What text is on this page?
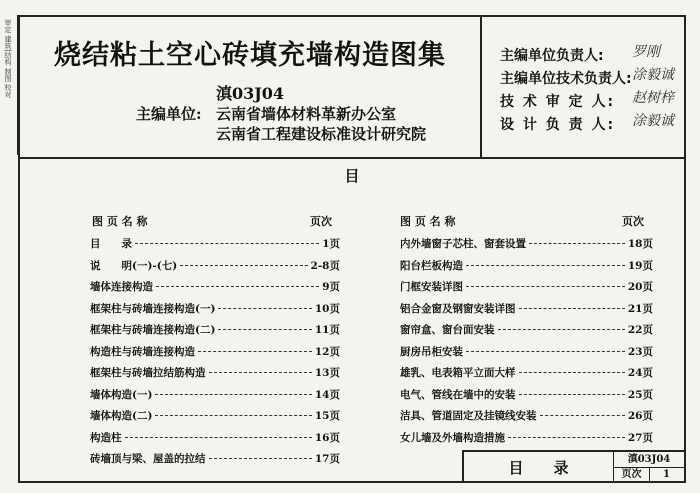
审定 建筑|结构 制图 校对	烧结粘土空心砖填充墙构造图集
滇03J04
主编单位: 云南省墙体材料革新办公室
云南省工程建设标准设计研究院
主编单位负责人: 罗刚
主编单位技术负责人: 涂毅诚
技 术 审 定 人: 赵树梓
设 计 负 责 人: 涂毅诚
目
图 页 名 称	页次	图 页 名 称	页次
目　　录	1页
说　　明(一)-(七)	2-8页
墙体连接构造	9页
框架柱与砖墙连接构造(一)	10页
框架柱与砖墙连接构造(二)	11页
构造柱与砖墙连接构造	12页
框架柱与砖墙拉结筋构造	13页
墙体构造(一)	14页
墙体构造(二)	15页
构造柱	16页
砖墙顶与梁、屋盖的拉结	17页
内外墙窗子芯柱、窗套设置	18页
阳台栏板构造	19页
门框安装详图	20页
铝合金窗及钢窗安装详图	21页
窗帘盒、窗台面安装	22页
厨房吊柜安装	23页
雄乳、电表箱平立面大样	24页
电气、管线在墙中的安装	25页
洁具、管道固定及挂镜线安装	26页
女儿墙及外墙构造措施	27页
目录	滇03J04
页次	1
